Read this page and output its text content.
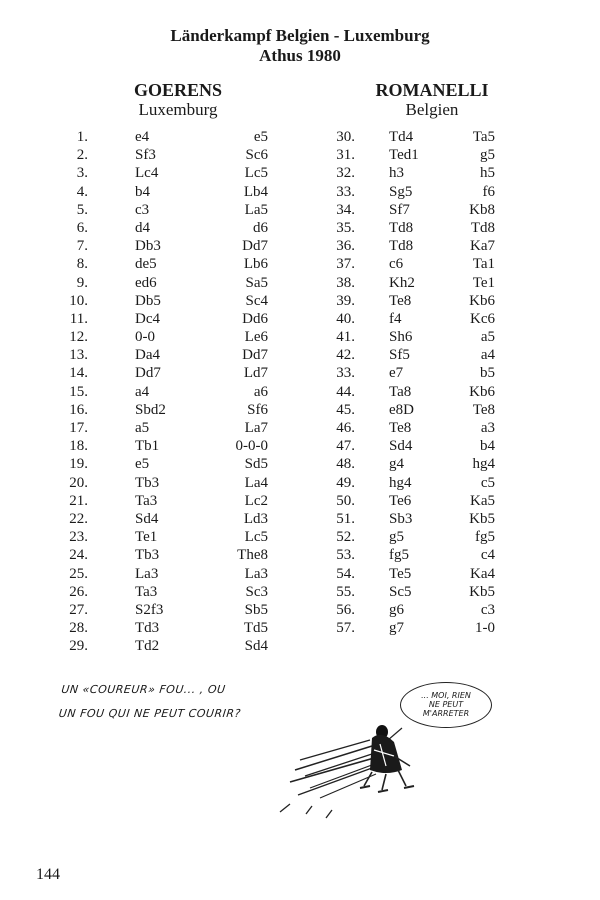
Länderkampf Belgien - Luxemburg
Athus 1980
GOERENS
Luxemburg
ROMANELLI
Belgien
1.	e4	e5
2.	Sf3	Sc6
3.	Lc4	Lc5
4.	b4	Lb4
5.	c3	La5
6.	d4	d6
7.	Db3	Dd7
8.	de5	Lb6
9.	ed6	Sa5
10.	Db5	Sc4
11.	Dc4	Dd6
12.	0-0	Le6
13.	Da4	Dd7
14.	Dd7	Ld7
15.	a4	a6
16.	Sbd2	Sf6
17.	a5	La7
18.	Tb1	0-0-0
19.	e5	Sd5
20.	Tb3	La4
21.	Ta3	Lc2
22.	Sd4	Ld3
23.	Te1	Lc5
24.	Tb3	The8
25.	La3	La3
26.	Ta3	Sc3
27.	S2f3	Sb5
28.	Td3	Td5
29.	Td2	Sd4
30. Td4	Ta5
31. Ted1	g5
32. h3	h5
33. Sg5	f6
34. Sf7	Kb8
35. Td8	Td8
36. Td8	Ka7
37. c6	Ta1
38. Kh2	Te1
39. Te8	Kb6
40. f4	Kc6
41. Sh6	a5
42. Sf5	a4
33. e7	b5
44. Ta8	Kb6
45. e8D	Te8
46. Te8	a3
47. Sd4	b4
48. g4	hg4
49. hg4	c5
50. Te6	Ka5
51. Sb3	Kb5
52. g5	fg5
53. fg5	c4
54. Te5	Ka4
55. Sc5	Kb5
56. g6	c3
57. g7	1-0
UN «COUREUR» FOU... , OU
UN FOU QUI NE PEUT COURIR?
... MOI, RIEN
NE PEUT
M'ARRETER
144
